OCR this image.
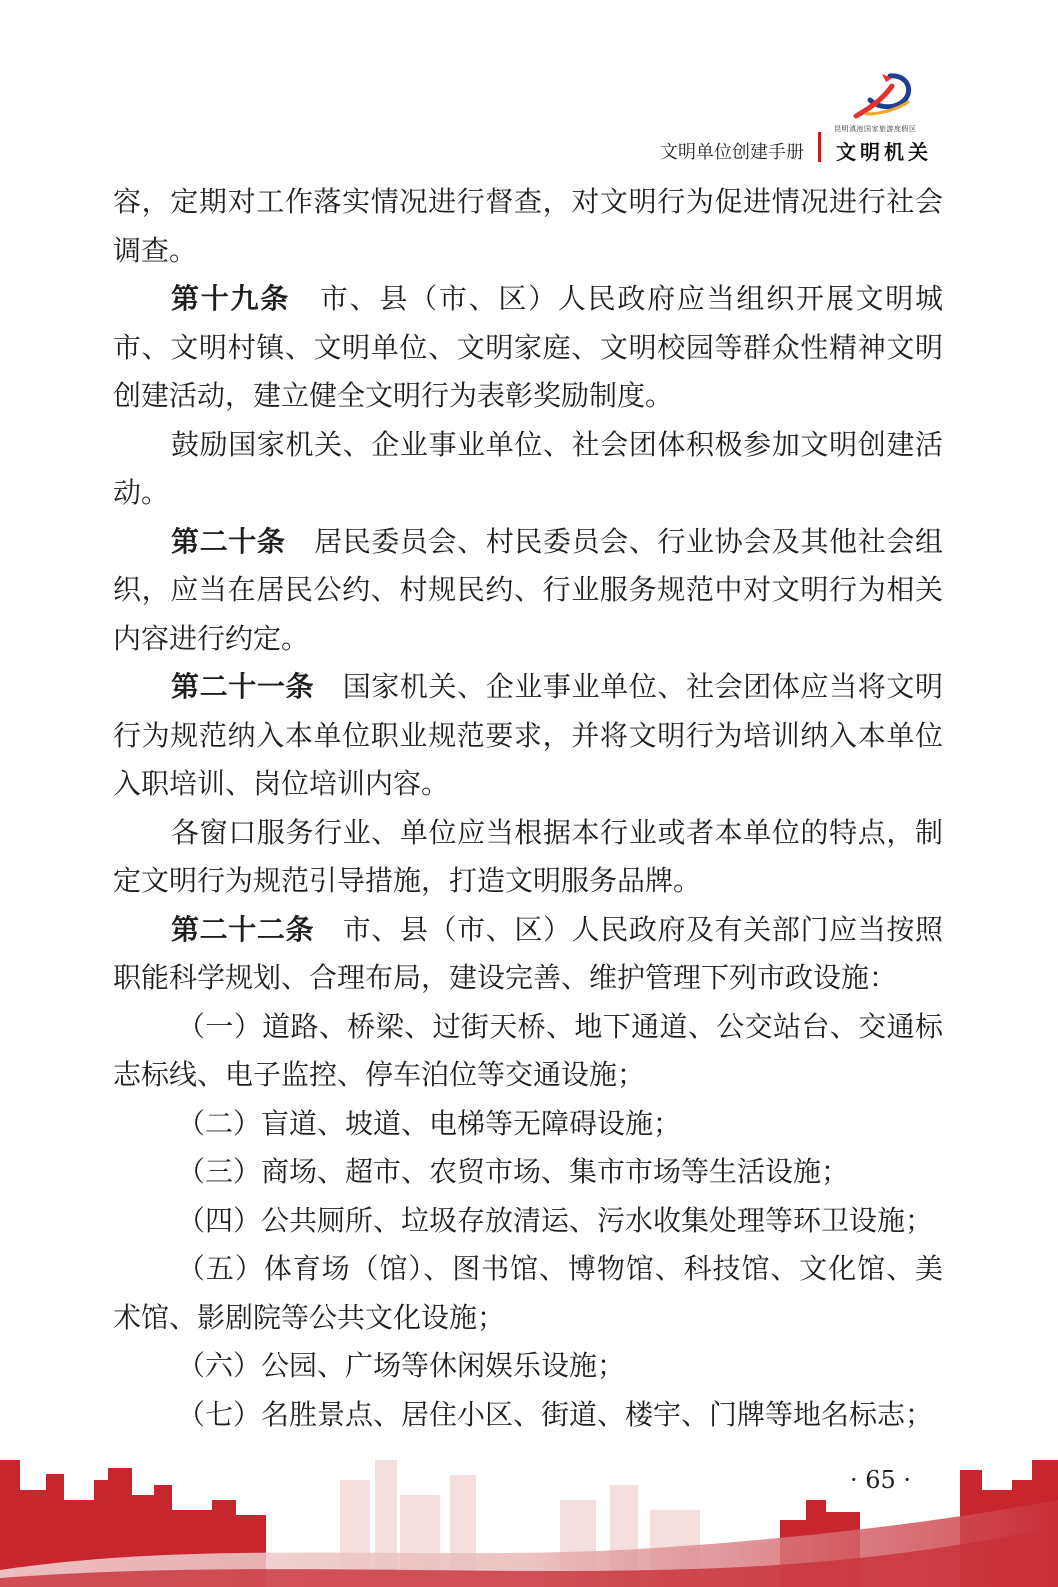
昆明滇池国家旅游度假区
文明单位创建手册 文明机关

容，定期对工作落实情况进行督查，对文明行为促进情况进行社会调查。

第十九条　 市、县（市、区）人民政府应当组织开展文明城市、文明村镇、文明单位、文明家庭、文明校园等群众性精神文明创建活动，建立健全文明行为表彰奖励制度。

鼓励国家机关、企业事业单位、社会团体积极参加文明创建活动。

第二十条　 居民委员会、村民委员会、行业协会及其他社会组织，应当在居民公约、村规民约、行业服务规范中对文明行为相关内容进行约定。

第二十一条　 国家机关、企业事业单位、社会团体应当将文明行为规范纳入本单位职业规范要求，并将文明行为培训纳入本单位入职培训、岗位培训内容。

各窗口服务行业、单位应当根据本行业或者本单位的特点，制定文明行为规范引导措施，打造文明服务品牌。

第二十二条　 市、县（市、区）人民政府及有关部门应当按照职能科学规划、合理布局，建设完善、维护管理下列市政设施：

（一）道路、桥梁、过街天桥、地下通道、公交站台、交通标志标线、电子监控、停车泊位等交通设施；

（二）盲道、坡道、电梯等无障碍设施；

（三）商场、超市、农贸市场、集市市场等生活设施；

（四）公共厕所、垃圾存放清运、污水收集处理等环卫设施；

（五）体育场（馆）、图书馆、博物馆、科技馆、文化馆、美术馆、影剧院等公共文化设施；

（六）公园、广场等休闲娱乐设施；

（七）名胜景点、居住小区、街道、楼宇、门牌等地名标志；

· 65 ·
